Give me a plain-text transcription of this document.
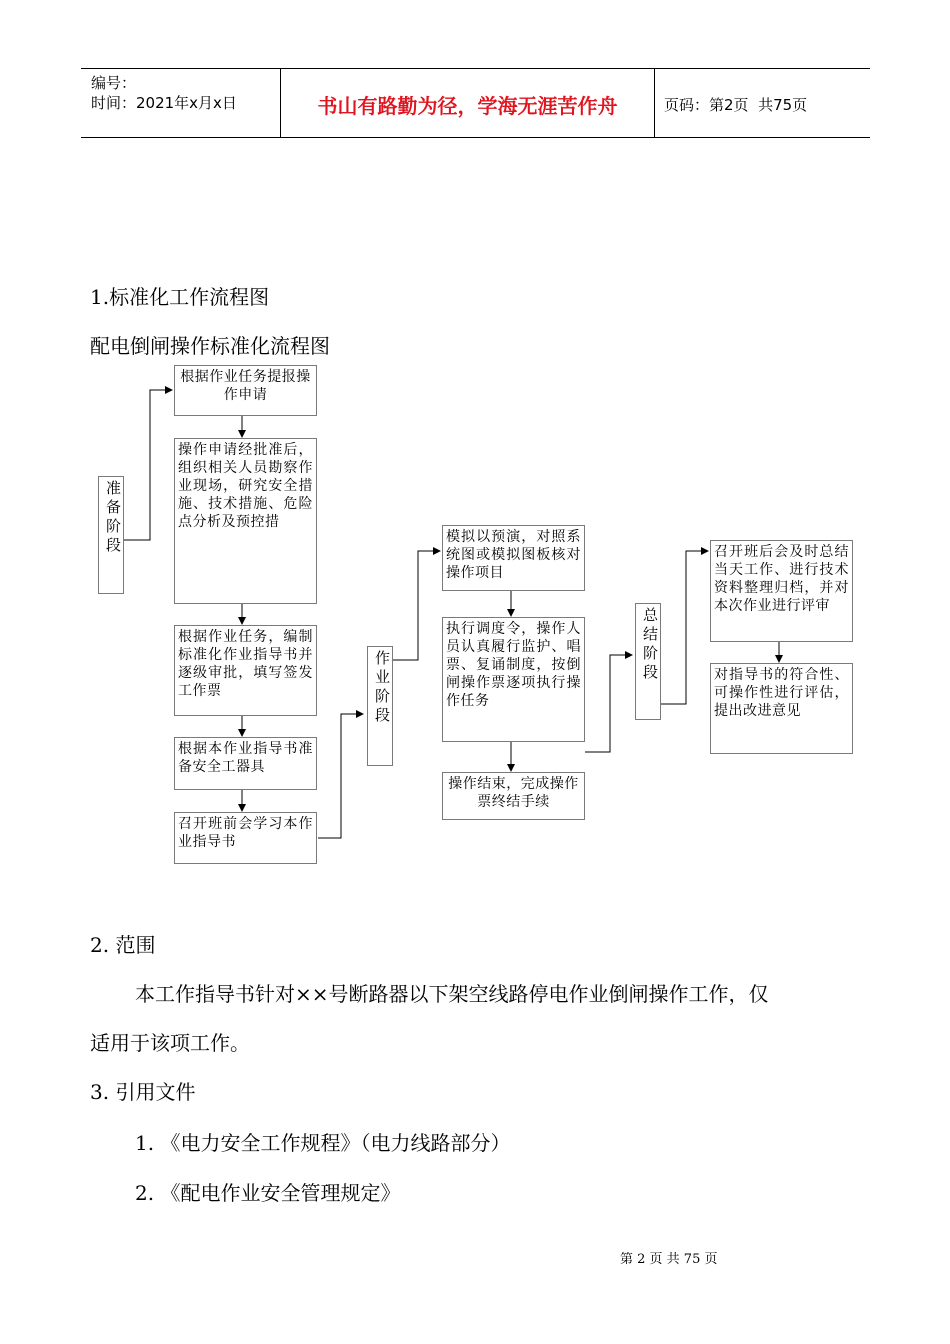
编号：
时间：2021年x月x日	书山有路勤为径，学海无涯苦作舟	页码：第2页  共75页
1.标准化工作流程图
配电倒闸操作标准化流程图
准
备
阶
段
作
业
阶
段
总
结
阶
段
根据作业任务提报操作申请
操作申请经批准后，组织相关人员勘察作业现场，研究安全措施、技术措施、危险点分析及预控措
根据作业任务，编制标准化作业指导书并逐级审批，填写签发工作票
根据本作业指导书准备安全工器具
召开班前会学习本作业指导书
模拟以预演，对照系统图或模拟图板核对操作项目
执行调度令，操作人员认真履行监护、唱票、复诵制度，按倒闸操作票逐项执行操作任务
操作结束，完成操作票终结手续
召开班后会及时总结当天工作、进行技术资料整理归档，并对本次作业进行评审
对指导书的符合性、可操作性进行评估，提出改进意见
2. 范围
本工作指导书针对××号断路器以下架空线路停电作业倒闸操作工作，仅
适用于该项工作。
3. 引用文件
1. 《电力安全工作规程》（电力线路部分）
2. 《配电作业安全管理规定》
第 2 页 共 75 页
